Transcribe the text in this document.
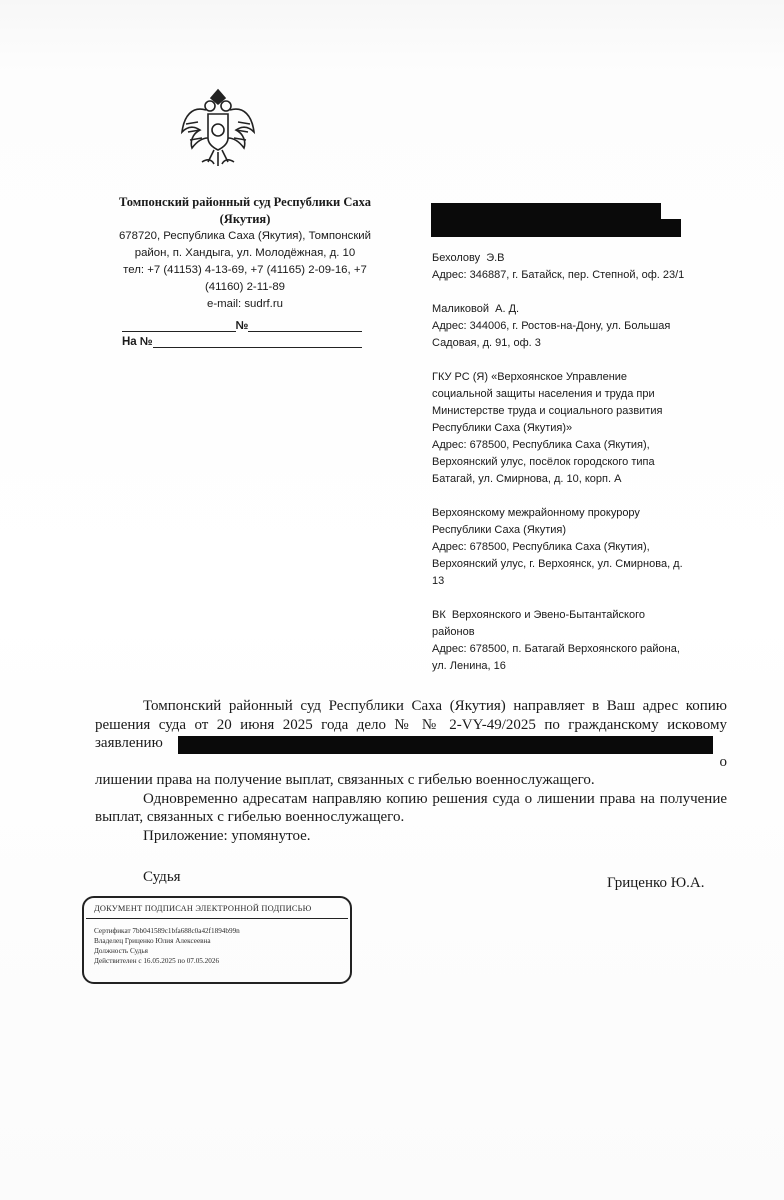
Томпонский районный суд Республики Саха (Якутия)
678720, Республика Саха (Якутия), Томпонский
район, п. Хандыга, ул. Молодёжная, д. 10
тел: +7 (41153) 4-13-69, +7 (41165) 2-09-16, +7
(41160) 2-11-89
e-mail: sudrf.ru
№
На №
Бехолову  Э.В
Адрес: 346887, г. Батайск, пер. Степной, оф. 23/1
Маликовой  А. Д.
Адрес: 344006, г. Ростов-на-Дону, ул. Большая
Садовая, д. 91, оф. 3
ГКУ РС (Я) «Верхоянское Управление
социальной защиты населения и труда при
Министерстве труда и социального развития
Республики Саха (Якутия)»
Адрес: 678500, Республика Саха (Якутия),
Верхоянский улус, посёлок городского типа
Батагай, ул. Смирнова, д. 10, корп. А
Верхоянскому межрайонному прокурору
Республики Саха (Якутия)
Адрес: 678500, Республика Саха (Якутия),
Верхоянский улус, г. Верхоянск, ул. Смирнова, д.
13
ВК  Верхоянского и Эвено-Бытантайского
районов
Адрес: 678500, п. Батагай Верхоянского района,
ул. Ленина, 16

Томпонский районный суд Республики Саха (Якутия) направляет в Ваш адрес копию решения суда от 20 июня 2025 года дело № № 2-VY-49/2025 по гражданскому исковому заявлению

о

лишении права на получение выплат, связанных с гибелью военнослужащего.

Одновременно адресатам направляю копию решения суда о лишении права на получение выплат, связанных с гибелью военнослужащего.

Приложение: упомянутое.

Судья	Гриценко Ю.А.
ДОКУМЕНТ ПОДПИСАН ЭЛЕКТРОННОЙ ПОДПИСЬЮ
Сертификат 7bb041589c1bfa688c0a42f1894b99n
Владелец Гриценко Юлия Алексеевна
Должность Судья
Действителен с 16.05.2025 по 07.05.2026
